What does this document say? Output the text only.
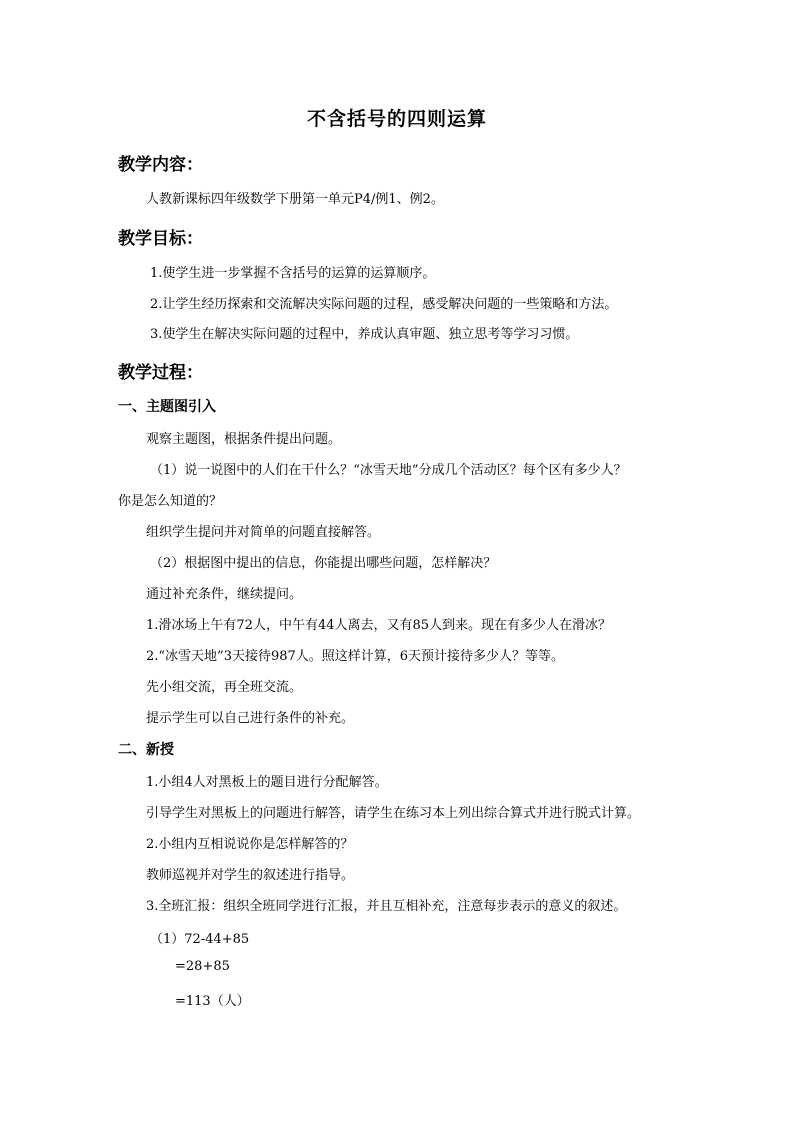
不含括号的四则运算
教学内容：
人教新课标四年级数学下册第一单元P4/例1、例2。
教学目标：
1.使学生进一步掌握不含括号的运算的运算顺序。
2.让学生经历探索和交流解决实际问题的过程，感受解决问题的一些策略和方法。
3.使学生在解决实际问题的过程中，养成认真审题、独立思考等学习习惯。
教学过程：
一、主题图引入
观察主题图，根据条件提出问题。
（1）说一说图中的人们在干什么？“冰雪天地”分成几个活动区？每个区有多少人？
你是怎么知道的？
组织学生提问并对简单的问题直接解答。
（2）根据图中提出的信息，你能提出哪些问题，怎样解决？
通过补充条件，继续提问。
1.滑冰场上午有72人，中午有44人离去，又有85人到来。现在有多少人在滑冰？
2.“冰雪天地”3天接待987人。照这样计算，6天预计接待多少人？等等。
先小组交流，再全班交流。
提示学生可以自己进行条件的补充。
二、新授
1.小组4人对黑板上的题目进行分配解答。
引导学生对黑板上的问题进行解答，请学生在练习本上列出综合算式并进行脱式计算。
2.小组内互相说说你是怎样解答的？
教师巡视并对学生的叙述进行指导。
3.全班汇报：组织全班同学进行汇报，并且互相补充，注意每步表示的意义的叙述。
（1）72-44+85
=28+85
=113（人）
